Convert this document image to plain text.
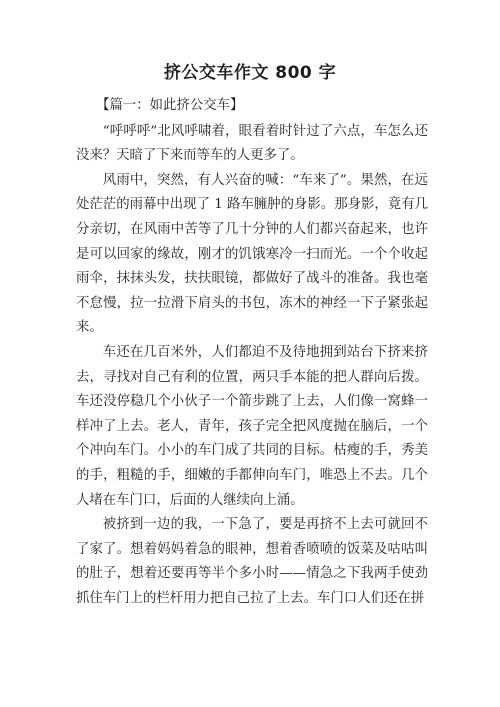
挤公交车作文 800 字

【篇一：如此挤公交车】

“呼呼呼”北风呼啸着，眼看着时针过了六点，车怎么还没来？天暗了下来而等车的人更多了。

风雨中，突然，有人兴奋的喊：“车来了”。果然，在远处茫茫的雨幕中出现了 1 路车臃肿的身影。那身影，竟有几分亲切，在风雨中苦等了几十分钟的人们都兴奋起来，也许是可以回家的缘故，刚才的饥饿寒冷一扫而光。一个个收起雨伞，抹抹头发，扶扶眼镜，都做好了战斗的准备。我也毫不怠慢，拉一拉滑下肩头的书包，冻木的神经一下子紧张起来。

车还在几百米外，人们都迫不及待地拥到站台下挤来挤去，寻找对自己有利的位置，两只手本能的把人群向后拨。车还没停稳几个小伙子一个箭步跳了上去，人们像一窝蜂一样冲了上去。老人，青年，孩子完全把风度抛在脑后，一个个冲向车门。小小的车门成了共同的目标。枯瘦的手，秀美的手，粗糙的手，细嫩的手都伸向车门，唯恐上不去。几个人堵在车门口，后面的人继续向上涌。

被挤到一边的我，一下急了，要是再挤不上去可就回不了家了。想着妈妈着急的眼神，想着香喷喷的饭菜及咕咕叫的肚子，想着还要再等半个多小时——情急之下我两手使劲抓住车门上的栏杆用力把自己拉了上去。车门口人们还在拼
